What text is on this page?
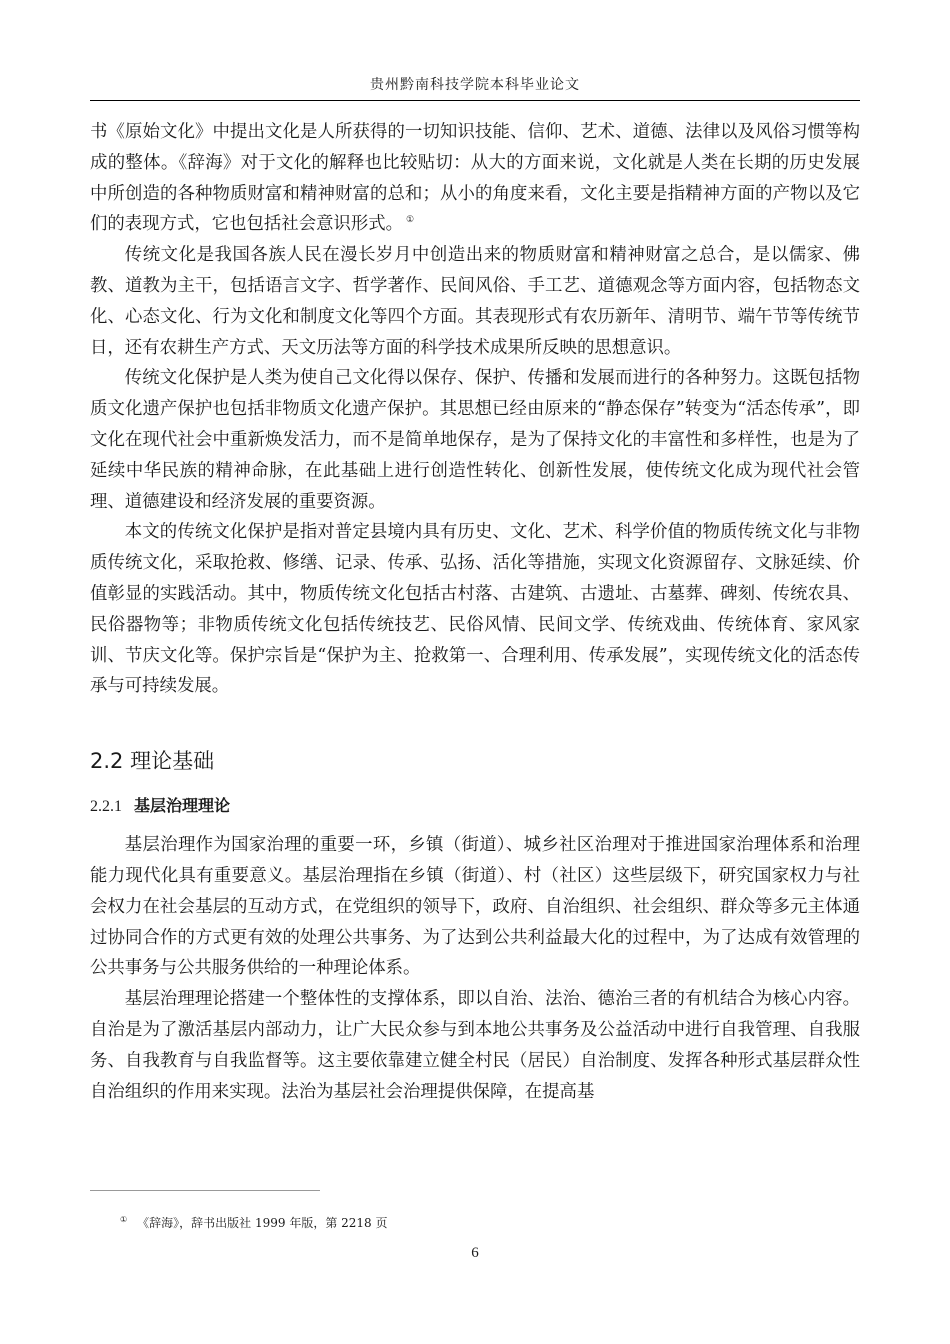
贵州黔南科技学院本科毕业论文

书《原始文化》中提出文化是人所获得的一切知识技能、信仰、艺术、道德、法律以及风俗习惯等构成的整体。《辞海》对于文化的解释也比较贴切：从大的方面来说，文化就是人类在长期的历史发展中所创造的各种物质财富和精神财富的总和；从小的角度来看，文化主要是指精神方面的产物以及它们的表现方式，它也包括社会意识形式。 ①

传统文化是我国各族人民在漫长岁月中创造出来的物质财富和精神财富之总合，是以儒家、佛教、道教为主干，包括语言文字、哲学著作、民间风俗、手工艺、道德观念等方面内容，包括物态文化、心态文化、行为文化和制度文化等四个方面。其表现形式有农历新年、清明节、端午节等传统节日，还有农耕生产方式、天文历法等方面的科学技术成果所反映的思想意识。

传统文化保护是人类为使自己文化得以保存、保护、传播和发展而进行的各种努力。这既包括物质文化遗产保护也包括非物质文化遗产保护。其思想已经由原来的“静态保存”转变为“活态传承”，即文化在现代社会中重新焕发活力，而不是简单地保存，是为了保持文化的丰富性和多样性，也是为了延续中华民族的精神命脉，在此基础上进行创造性转化、创新性发展，使传统文化成为现代社会管理、道德建设和经济发展的重要资源。

本文的传统文化保护是指对普定县境内具有历史、文化、艺术、科学价值的物质传统文化与非物质传统文化，采取抢救、修缮、记录、传承、弘扬、活化等措施，实现文化资源留存、文脉延续、价值彰显的实践活动。其中，物质传统文化包括古村落、古建筑、古遗址、古墓葬、碑刻、传统农具、民俗器物等；非物质传统文化包括传统技艺、民俗风情、民间文学、传统戏曲、传统体育、家风家训、节庆文化等。保护宗旨是“保护为主、抢救第一、合理利用、传承发展”，实现传统文化的活态传承与可持续发展。

2.2 理论基础
2.2.1 基层治理理论

基层治理作为国家治理的重要一环，乡镇（街道）、城乡社区治理对于推进国家治理体系和治理能力现代化具有重要意义。基层治理指在乡镇（街道）、村（社区）这些层级下，研究国家权力与社会权力在社会基层的互动方式，在党组织的领导下，政府、自治组织、社会组织、群众等多元主体通过协同合作的方式更有效的处理公共事务、为了达到公共利益最大化的过程中，为了达成有效管理的公共事务与公共服务供给的一种理论体系。

基层治理理论搭建一个整体性的支撑体系，即以自治、法治、德治三者的有机结合为核心内容。自治是为了激活基层内部动力，让广大民众参与到本地公共事务及公益活动中进行自我管理、自我服务、自我教育与自我监督等。这主要依靠建立健全村民（居民）自治制度、发挥各种形式基层群众性自治组织的作用来实现。法治为基层社会治理提供保障，在提高基

① 《辞海》，辞书出版社 1999 年版，第 2218 页
6
